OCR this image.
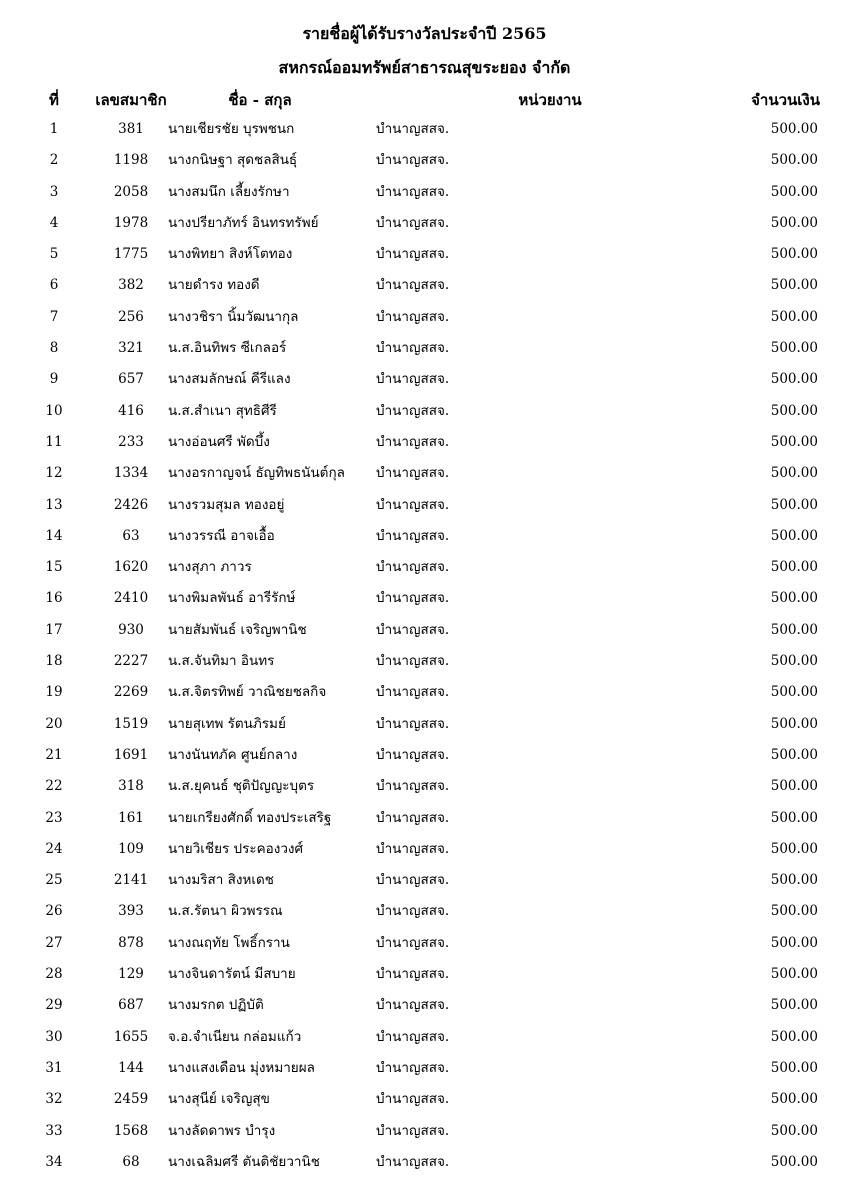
รายชื่อผู้ได้รับรางวัลประจำปี 2565
สหกรณ์ออมทรัพย์สาธารณสุขระยอง จำกัด
ที่	เลขสมาชิก	ชื่อ - สกุล	หน่วยงาน	จำนวนเงิน
1	381	นายเชียรชัย บุรพชนก	บำนาญสสจ.	500.00
2	1198	นางกนิษฐา สุดชลสินธุ์	บำนาญสสจ.	500.00
3	2058	นางสมนึก เลี้ยงรักษา	บำนาญสสจ.	500.00
4	1978	นางปรียาภัทร์ อินทรทรัพย์	บำนาญสสจ.	500.00
5	1775	นางพิทยา สิงห์โตทอง	บำนาญสสจ.	500.00
6	382	นายดำรง ทองดี	บำนาญสสจ.	500.00
7	256	นางวชิรา นิ้มวัฒนากุล	บำนาญสสจ.	500.00
8	321	น.ส.อินทิพร ซีเกลอร์	บำนาญสสจ.	500.00
9	657	นางสมลักษณ์ คีรีแลง	บำนาญสสจ.	500.00
10	416	น.ส.สำเนา สุทธิศีรี	บำนาญสสจ.	500.00
11	233	นางอ่อนศรี พัดบึ้ง	บำนาญสสจ.	500.00
12	1334	นางอรกาญจน์ ธัญทิพธนันต์กุล	บำนาญสสจ.	500.00
13	2426	นางรวมสุมล ทองอยู่	บำนาญสสจ.	500.00
14	63	นางวรรณี อาจเอื้อ	บำนาญสสจ.	500.00
15	1620	นางสุภา ภาวร	บำนาญสสจ.	500.00
16	2410	นางพิมลพันธ์ อารีรักษ์	บำนาญสสจ.	500.00
17	930	นายสัมพันธ์ เจริญพานิช	บำนาญสสจ.	500.00
18	2227	น.ส.จันทิมา อินทร	บำนาญสสจ.	500.00
19	2269	น.ส.จิตรทิพย์ วาณิชยชลกิจ	บำนาญสสจ.	500.00
20	1519	นายสุเทพ รัตนภิรมย์	บำนาญสสจ.	500.00
21	1691	นางนันทภัค ศูนย์กลาง	บำนาญสสจ.	500.00
22	318	น.ส.ยุคนธ์ ชุติปัญญะบุตร	บำนาญสสจ.	500.00
23	161	นายเกรียงศักดิ์ ทองประเสริฐ	บำนาญสสจ.	500.00
24	109	นายวิเชียร ประคองวงศ์	บำนาญสสจ.	500.00
25	2141	นางมริสา สิงหเดช	บำนาญสสจ.	500.00
26	393	น.ส.รัตนา ผิวพรรณ	บำนาญสสจ.	500.00
27	878	นางณฤทัย โพธิ์กราน	บำนาญสสจ.	500.00
28	129	นางจินดารัตน์ มีสบาย	บำนาญสสจ.	500.00
29	687	นางมรกต ปฏิบัติ	บำนาญสสจ.	500.00
30	1655	จ.อ.จำเนียน กล่อมแก้ว	บำนาญสสจ.	500.00
31	144	นางแสงเดือน มุ่งหมายผล	บำนาญสสจ.	500.00
32	2459	นางสุนีย์ เจริญสุข	บำนาญสสจ.	500.00
33	1568	นางลัดดาพร บำรุง	บำนาญสสจ.	500.00
34	68	นางเฉลิมศรี ตันติชัยวานิช	บำนาญสสจ.	500.00
